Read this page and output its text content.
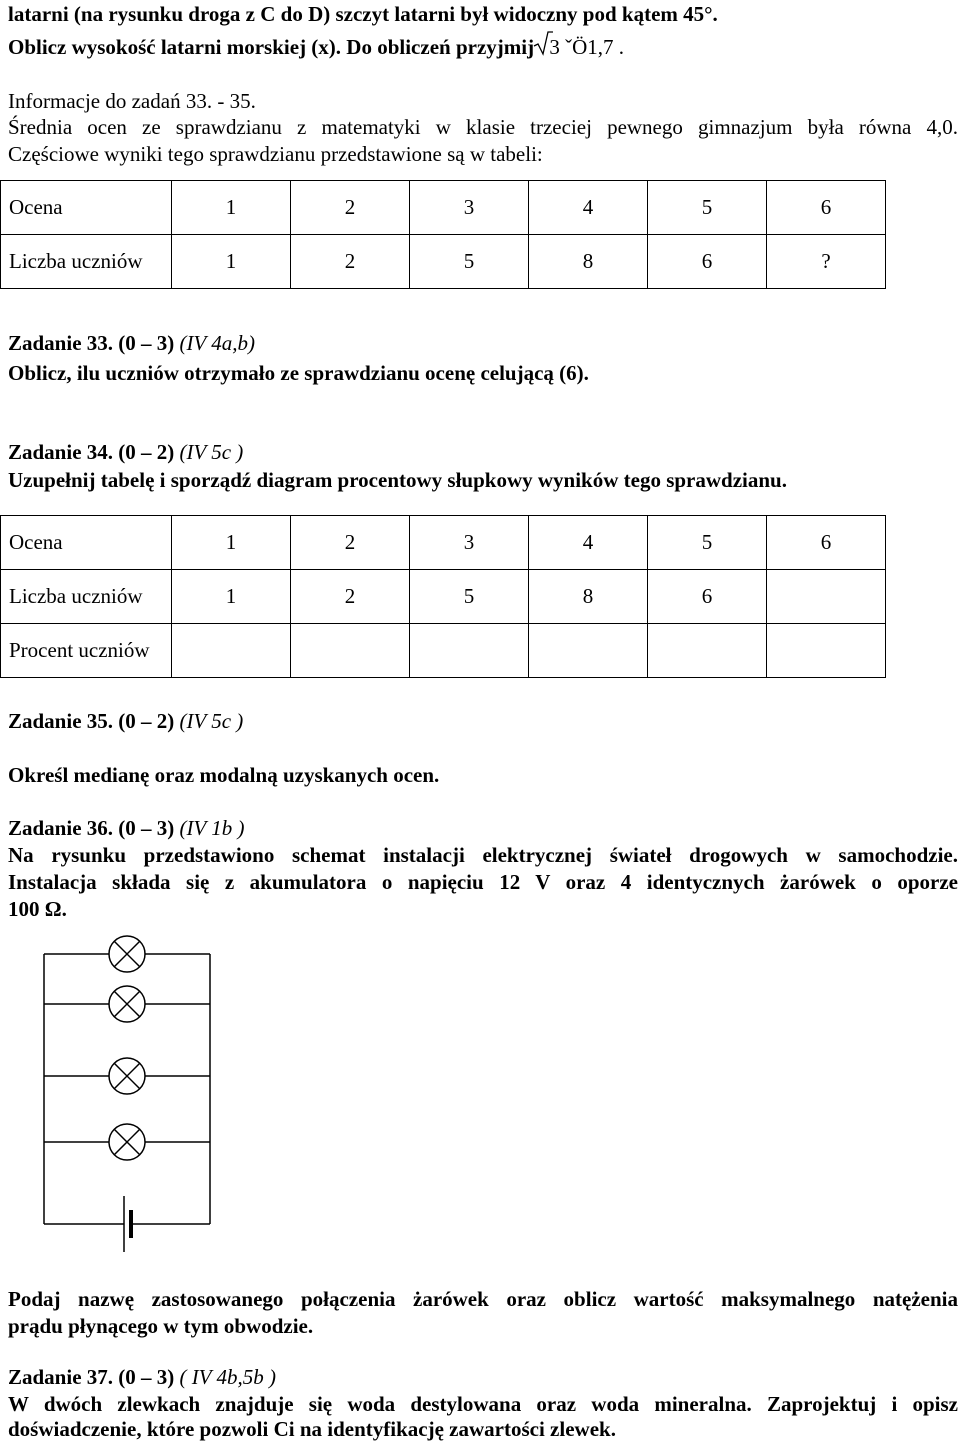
latarni (na rysunku droga z C do D) szczyt latarni był widoczny pod kątem 45°.
Oblicz wysokość latarni morskiej (x). Do obliczeń przyjmij 3 ˇÖ1,7 .
Informacje do zadań 33. - 35.
Średnia ocen ze sprawdzianu z matematyki w klasie trzeciej pewnego gimnazjum była równa 4,0.
Częściowe wyniki tego sprawdzianu przedstawione są w tabeli:
Ocena	1	2	3	4	5	6
Liczba uczniów	1	2	5	8	6	?
Zadanie 33. (0 – 3) (IV 4a,b)
Oblicz, ilu uczniów otrzymało ze sprawdzianu ocenę celującą (6).
Zadanie 34. (0 – 2) (IV 5c )
Uzupełnij tabelę i sporządź diagram procentowy słupkowy wyników tego sprawdzianu.
Ocena	1	2	3	4	5	6
Liczba uczniów	1	2	5	8	6	
Procent uczniów						
Zadanie 35. (0 – 2) (IV 5c )
Określ medianę oraz modalną uzyskanych ocen.
Zadanie 36. (0 – 3) (IV 1b )
Na rysunku przedstawiono schemat instalacji elektrycznej świateł drogowych w samochodzie.
Instalacja składa się z akumulatora o napięciu 12 V oraz 4 identycznych żarówek o oporze
100 Ω.
Podaj nazwę zastosowanego połączenia żarówek oraz oblicz wartość maksymalnego natężenia
prądu płynącego w tym obwodzie.
Zadanie 37. (0 – 3) ( IV 4b,5b )
W dwóch zlewkach znajduje się woda destylowana oraz woda mineralna. Zaprojektuj i opisz
doświadczenie, które pozwoli Ci na identyfikację zawartości zlewek.
